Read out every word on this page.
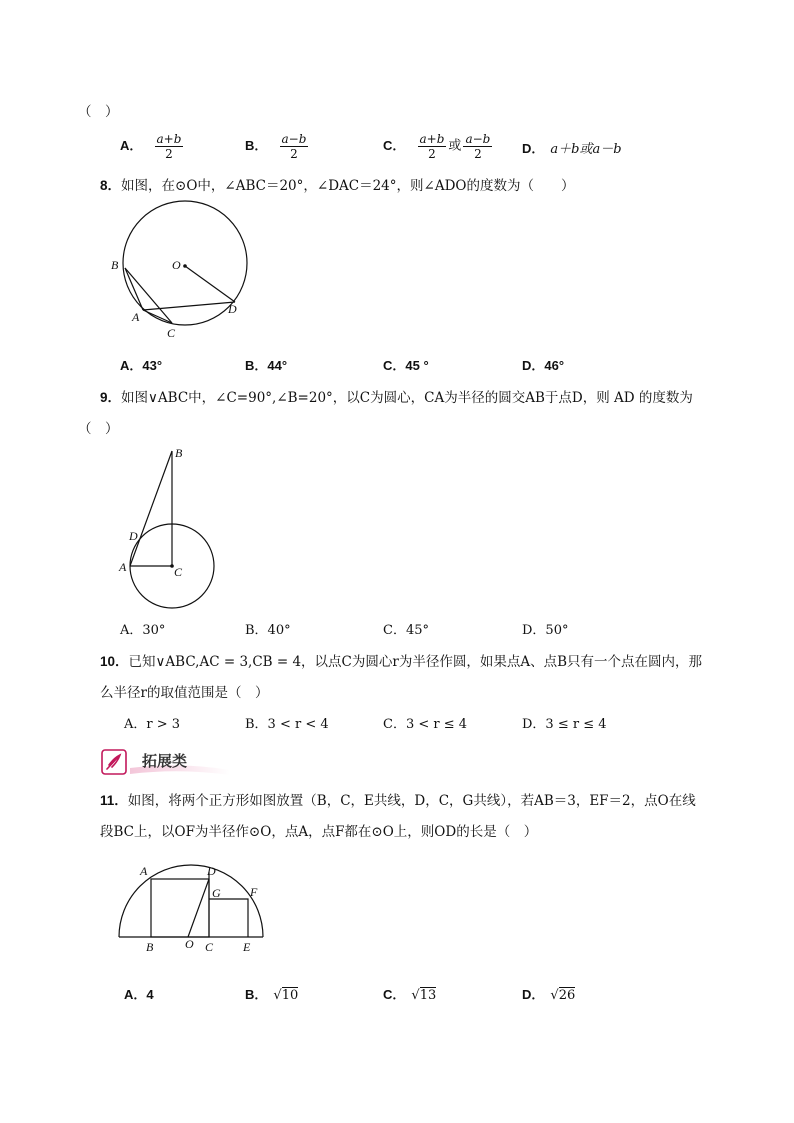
（　）
A． $\frac{a+b}{2}$	B． $\frac{a-b}{2}$	C． $\frac{a+b}{2}$ 或 $\frac{a-b}{2}$ D． a＋b或a－b
8．如图，在⊙O中，∠ABC＝20°，∠DAC＝24°，则∠ADO的度数为（　　）
B	O
A
C
D
A．43°	B．44°	C．45 °	D．46°
9．如图∨ABC中，∠C=90°,∠B=20°，以C为圆心，CA为半径的圆交AB于点D，则 AD 的度数为
（　）
B
D
A	C
A．30°	B．40°	C．45°	D．50°
10．已知∨ABC,AC = 3,CB = 4，以点C为圆心r为半径作圆，如果点A、点B只有一个点在圆内，那
么半径r的取值范围是（　）
A．r > 3	B．3 < r < 4	C．3 < r ≤ 4	D．3 ≤ r ≤ 4
拓展类
11．如图，将两个正方形如图放置（B，C，E共线，D，C，G共线），若AB＝3，EF＝2，点O在线
段BC上，以OF为半径作⊙O，点A，点F都在⊙O上，则OD的长是（　）
A	D
F
G
B	O C E
A．4	B． √10	C． √13	D． √26
